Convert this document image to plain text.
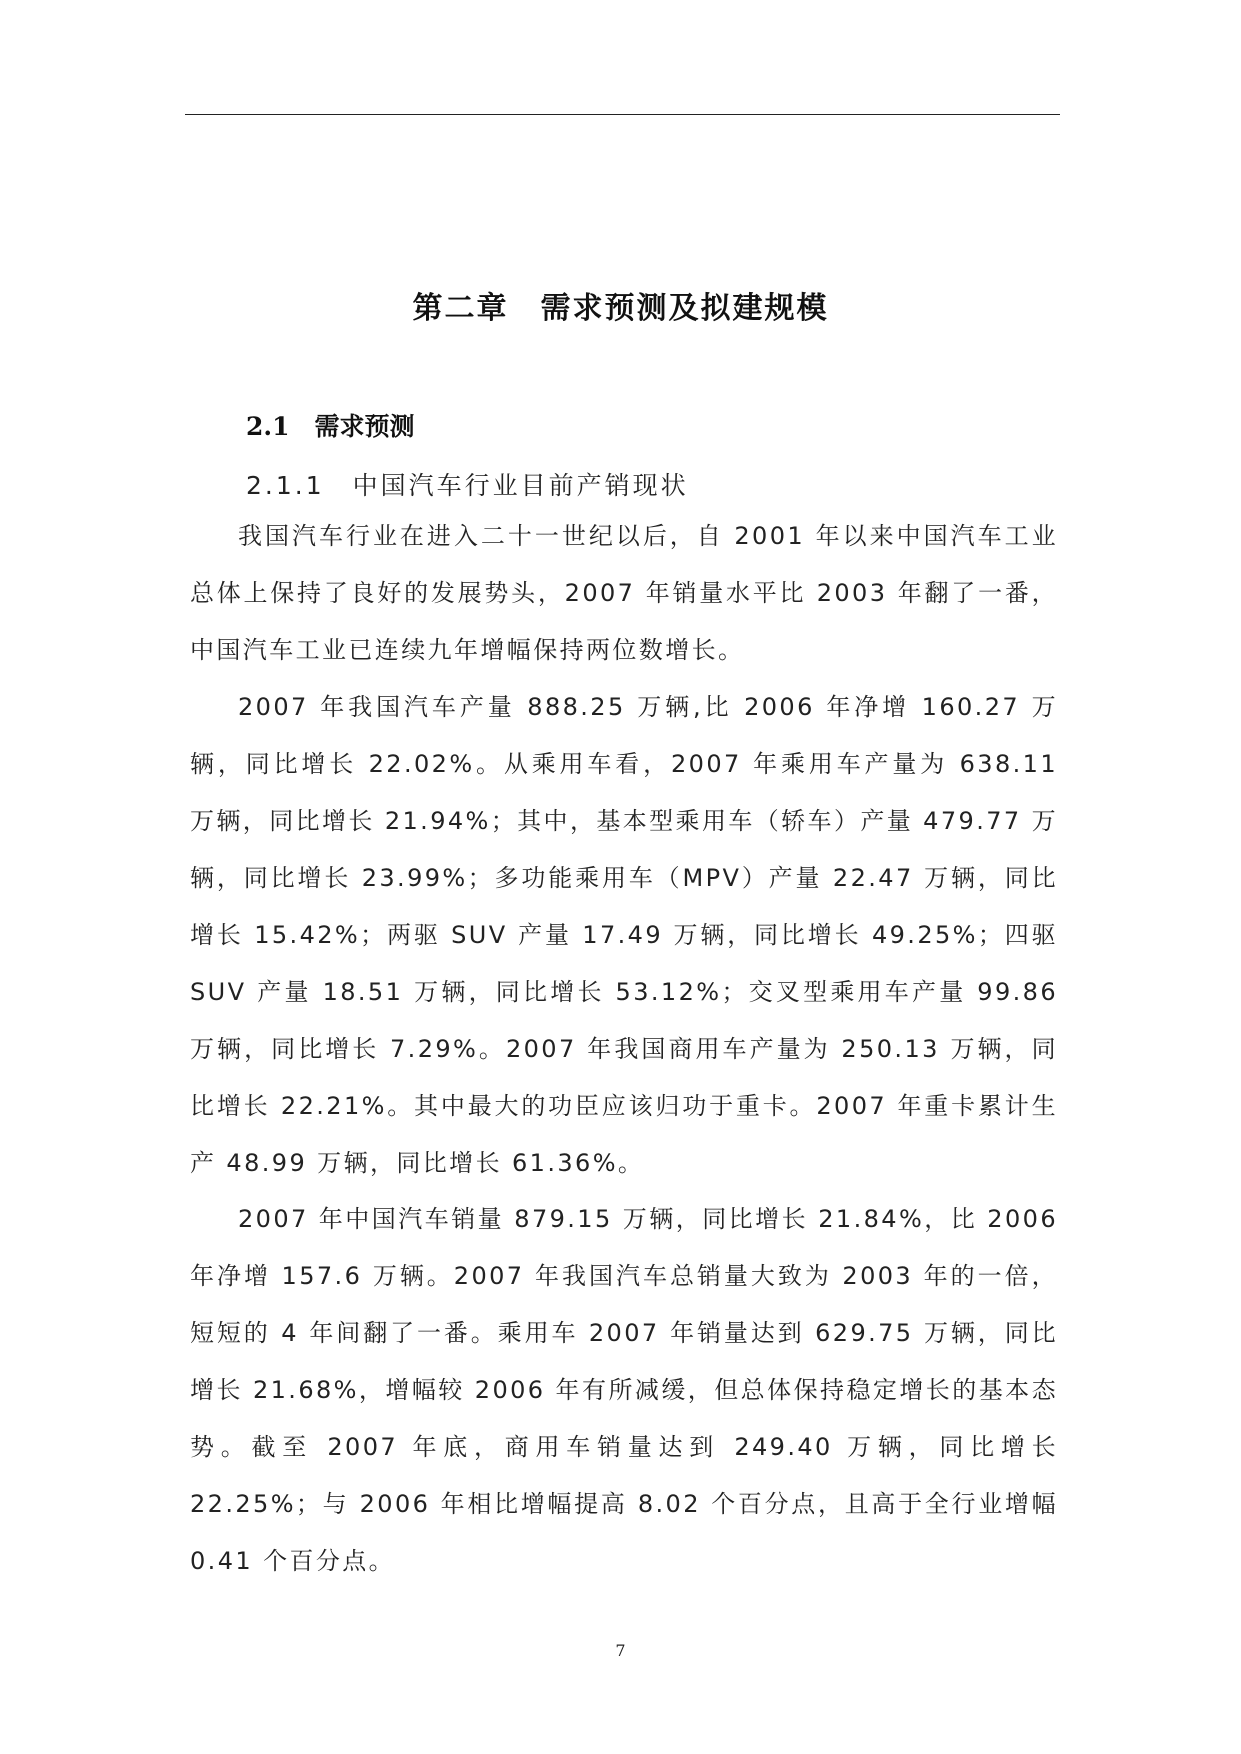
第二章　需求预测及拟建规模
2.1　需求预测
2.1.1　中国汽车行业目前产销现状

我国汽车行业在进入二十一世纪以后，自 2001 年以来中国汽车工业总体上保持了良好的发展势头，2007 年销量水平比 2003 年翻了一番，中国汽车工业已连续九年增幅保持两位数增长。

2007 年我国汽车产量 888.25 万辆,比 2006 年净增 160.27 万辆，同比增长 22.02%。从乘用车看，2007 年乘用车产量为 638.11 万辆，同比增长 21.94%；其中，基本型乘用车（轿车）产量 479.77 万辆，同比增长 23.99%；多功能乘用车（MPV）产量 22.47 万辆，同比增长 15.42%；两驱 SUV 产量 17.49 万辆，同比增长 49.25%；四驱 SUV 产量 18.51 万辆，同比增长 53.12%；交叉型乘用车产量 99.86 万辆，同比增长 7.29%。2007 年我国商用车产量为 250.13 万辆，同比增长 22.21%。其中最大的功臣应该归功于重卡。2007 年重卡累计生产 48.99 万辆，同比增长 61.36%。

2007 年中国汽车销量 879.15 万辆，同比增长 21.84%，比 2006 年净增 157.6 万辆。2007 年我国汽车总销量大致为 2003 年的一倍，短短的 4 年间翻了一番。乘用车 2007 年销量达到 629.75 万辆，同比增长 21.68%，增幅较 2006 年有所减缓，但总体保持稳定增长的基本态势。截至 2007 年底，商用车销量达到 249.40 万辆，同比增长 22.25%；与 2006 年相比增幅提高 8.02 个百分点，且高于全行业增幅 0.41 个百分点。

7
